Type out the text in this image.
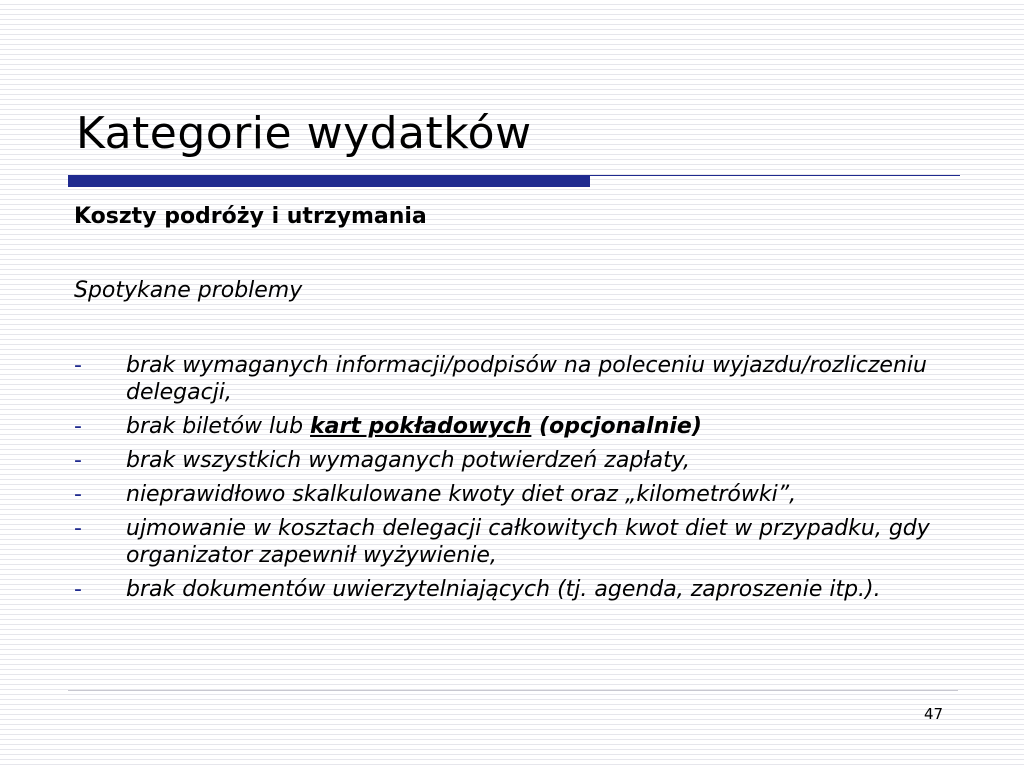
Kategorie wydatków
Koszty podróży i utrzymania
Spotykane problemy
- brak wymaganych informacji/podpisów na poleceniu wyjazdu/rozliczeniu delegacji,
- brak biletów lub kart pokładowych (opcjonalnie)
- brak wszystkich wymaganych potwierdzeń zapłaty,
- nieprawidłowo skalkulowane kwoty diet oraz „kilometrówki”,
- ujmowanie w kosztach delegacji całkowitych kwot diet w przypadku, gdy organizator zapewnił wyżywienie,
- brak dokumentów uwierzytelniających (tj. agenda, zaproszenie itp.).
47
